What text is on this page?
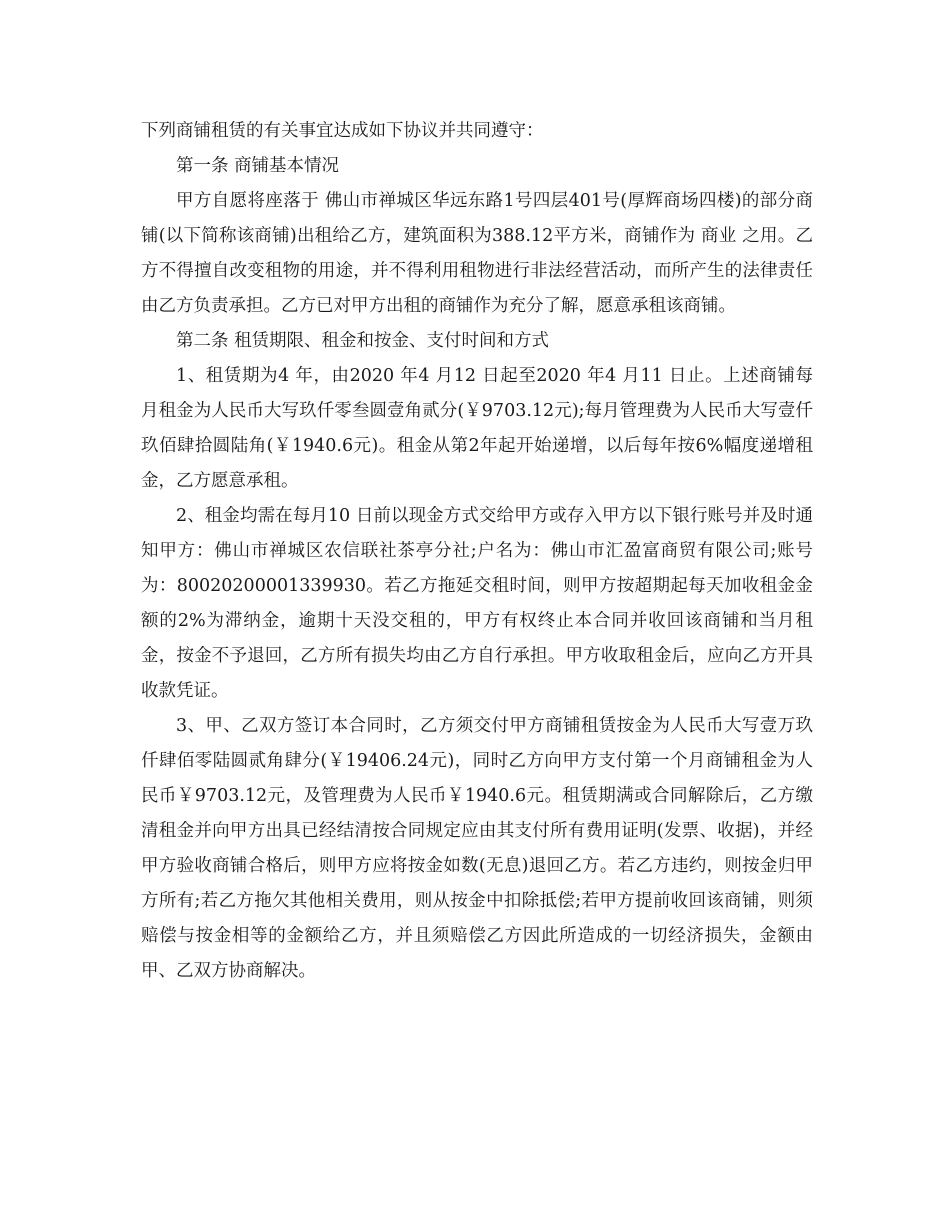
下列商铺租赁的有关事宜达成如下协议并共同遵守：

第一条 商铺基本情况

甲方自愿将座落于 佛山市禅城区华远东路1号四层401号(厚辉商场四楼)的部分商铺(以下简称该商铺)出租给乙方，建筑面积为388.12平方米，商铺作为 商业 之用。乙方不得擅自改变租物的用途，并不得利用租物进行非法经营活动，而所产生的法律责任由乙方负责承担。乙方已对甲方出租的商铺作为充分了解，愿意承租该商铺。

第二条 租赁期限、租金和按金、支付时间和方式

1、租赁期为4 年，由2020 年4 月12 日起至2020 年4 月11 日止。上述商铺每月租金为人民币大写玖仟零叁圆壹角贰分(￥9703.12元);每月管理费为人民币大写壹仟玖佰肆拾圆陆角(￥1940.6元)。租金从第2年起开始递增，以后每年按6%幅度递增租金，乙方愿意承租。

2、租金均需在每月10 日前以现金方式交给甲方或存入甲方以下银行账号并及时通知甲方：佛山市禅城区农信联社茶亭分社;户名为：佛山市汇盈富商贸有限公司;账号为：80020200001339930。若乙方拖延交租时间，则甲方按超期起每天加收租金金额的2%为滞纳金，逾期十天没交租的，甲方有权终止本合同并收回该商铺和当月租金，按金不予退回，乙方所有损失均由乙方自行承担。甲方收取租金后，应向乙方开具收款凭证。

3、甲、乙双方签订本合同时，乙方须交付甲方商铺租赁按金为人民币大写壹万玖仟肆佰零陆圆贰角肆分(￥19406.24元)，同时乙方向甲方支付第一个月商铺租金为人民币￥9703.12元，及管理费为人民币￥1940.6元。租赁期满或合同解除后，乙方缴清租金并向甲方出具已经结清按合同规定应由其支付所有费用证明(发票、收据)，并经甲方验收商铺合格后，则甲方应将按金如数(无息)退回乙方。若乙方违约，则按金归甲方所有;若乙方拖欠其他相关费用，则从按金中扣除抵偿;若甲方提前收回该商铺，则须赔偿与按金相等的金额给乙方，并且须赔偿乙方因此所造成的一切经济损失，金额由甲、乙双方协商解决。
